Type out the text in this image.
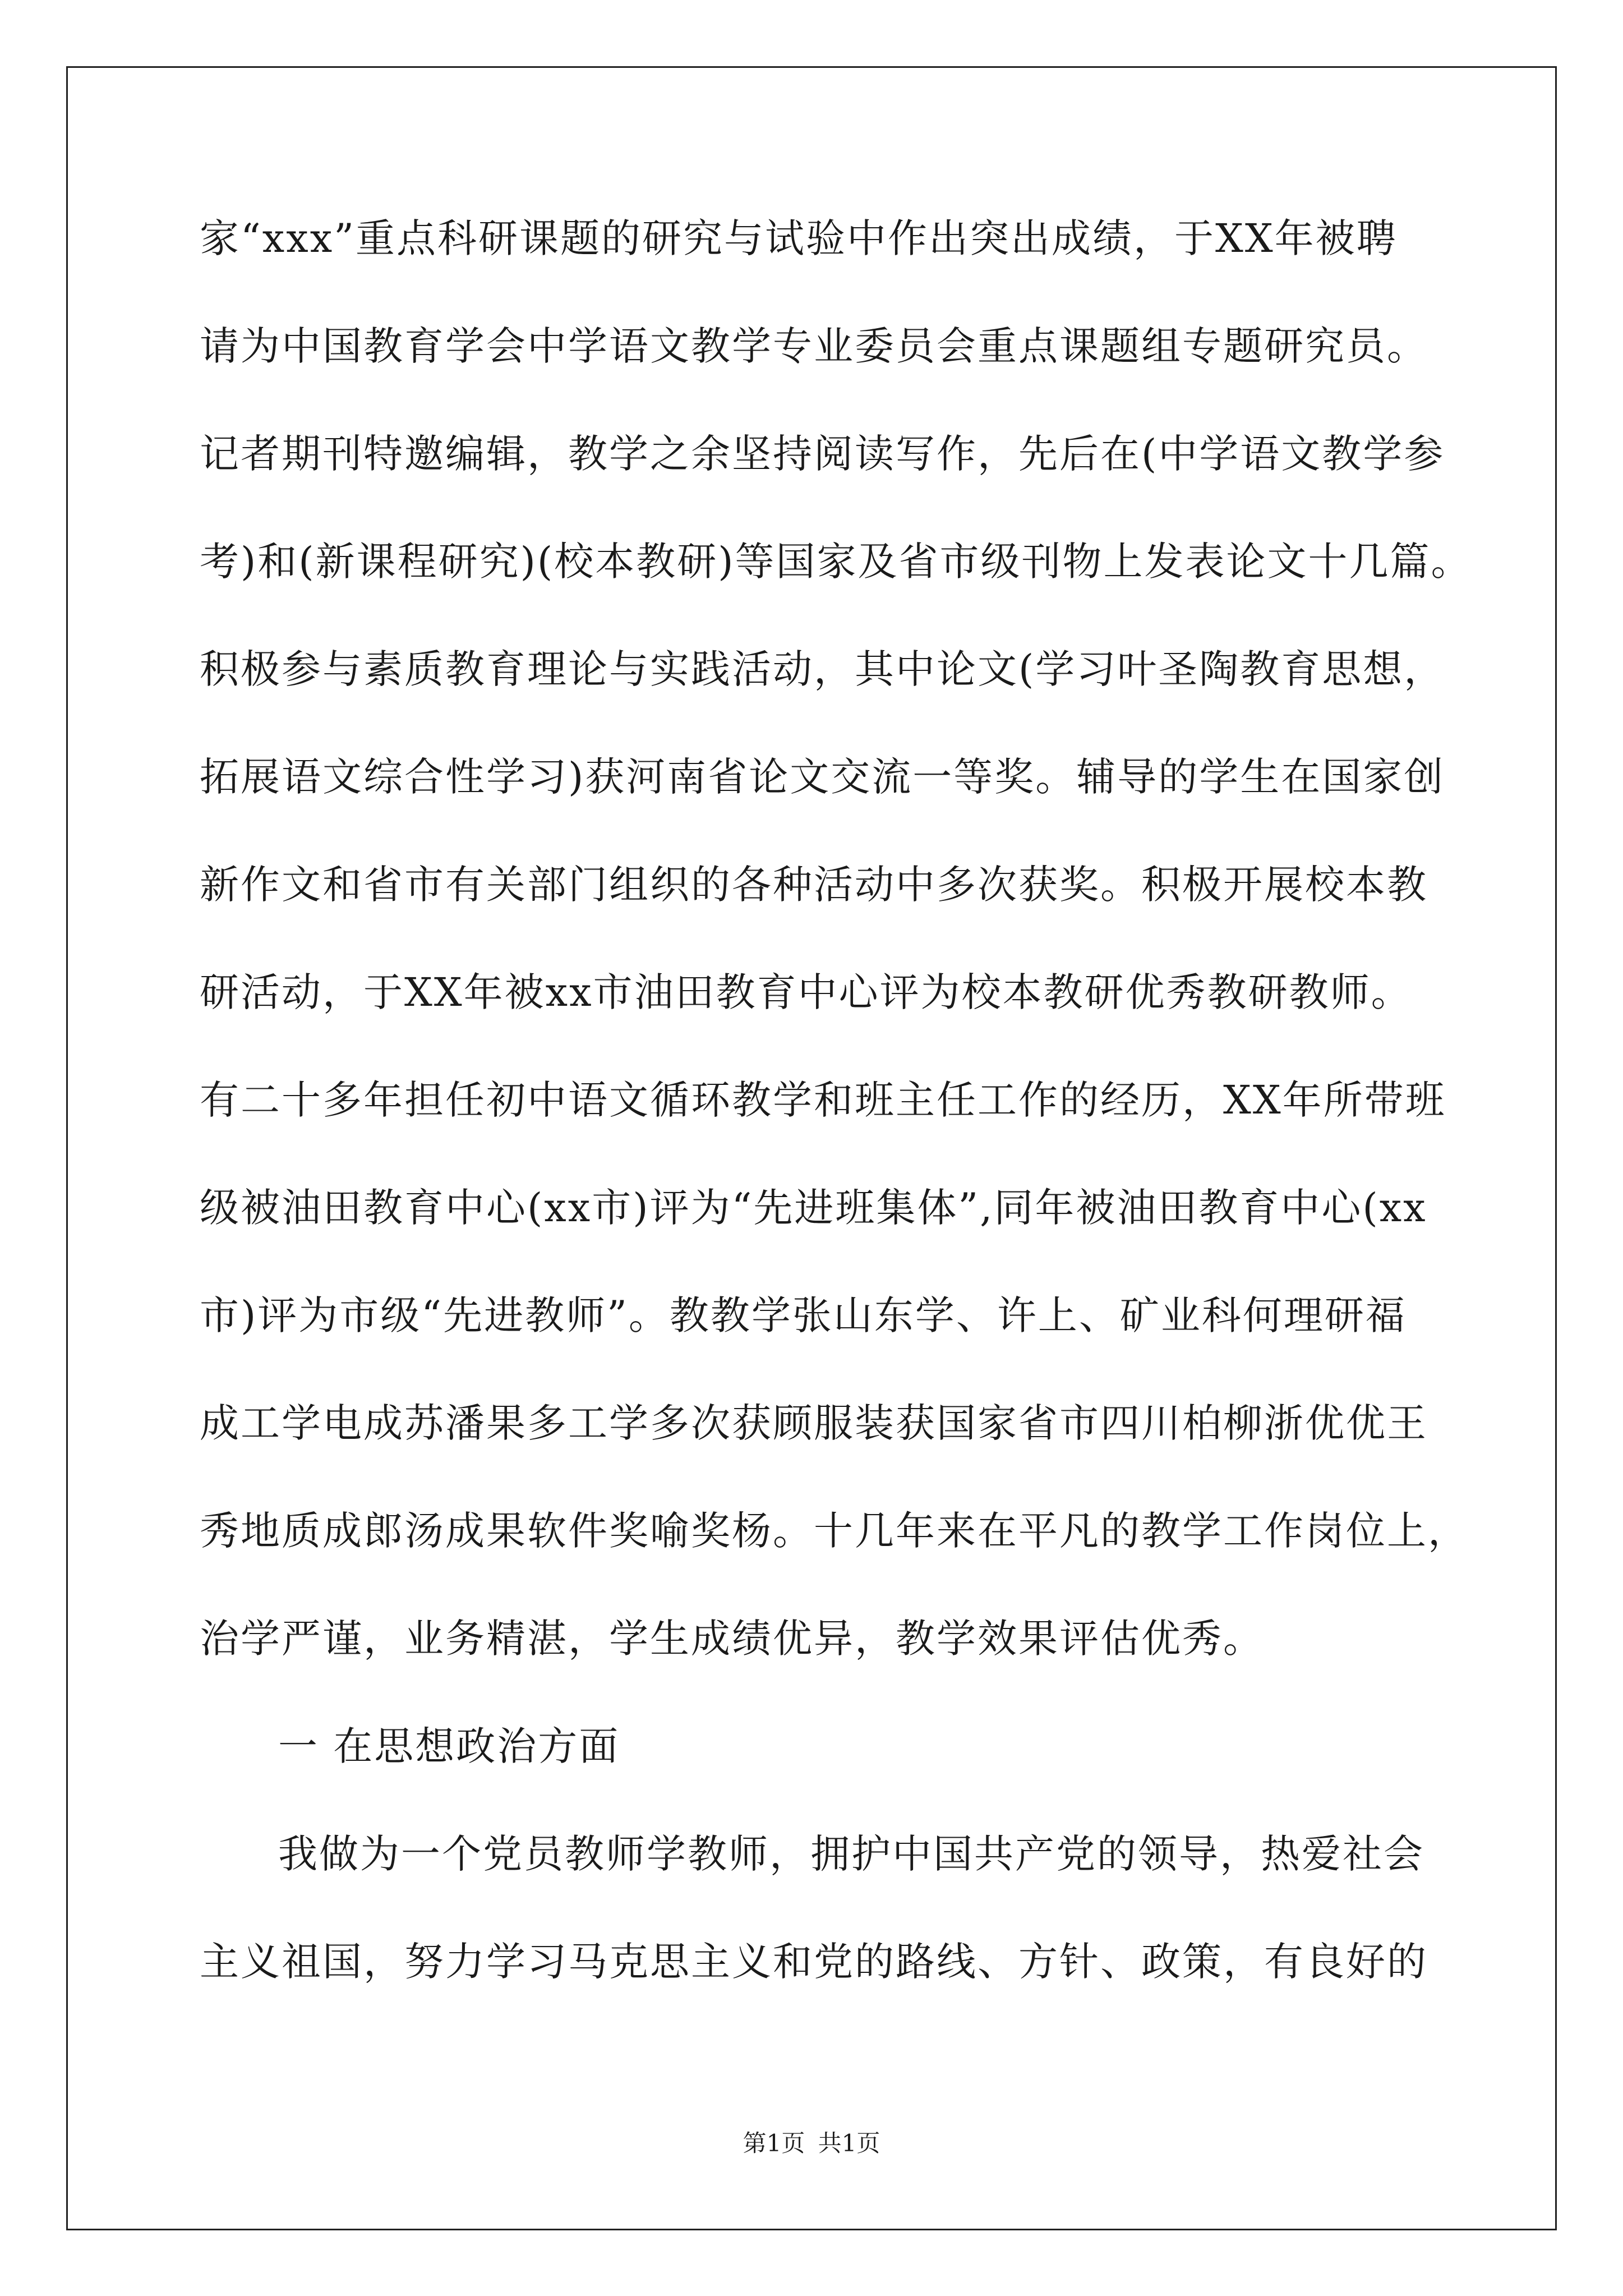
家“xxx”重点科研课题的研究与试验中作出突出成绩，于XX年被聘
请为中国教育学会中学语文教学专业委员会重点课题组专题研究员。
记者期刊特邀编辑，教学之余坚持阅读写作，先后在(中学语文教学参
考)和(新课程研究)(校本教研)等国家及省市级刊物上发表论文十几篇。
积极参与素质教育理论与实践活动，其中论文(学习叶圣陶教育思想，
拓展语文综合性学习)获河南省论文交流一等奖。辅导的学生在国家创
新作文和省市有关部门组织的各种活动中多次获奖。积极开展校本教
研活动，于XX年被xx市油田教育中心评为校本教研优秀教研教师。
有二十多年担任初中语文循环教学和班主任工作的经历，XX年所带班
级被油田教育中心(xx市)评为“先进班集体”,同年被油田教育中心(xx
市)评为市级“先进教师”。教教学张山东学、许上、矿业科何理研福
成工学电成苏潘果多工学多次获顾服装获国家省市四川柏柳浙优优王
秀地质成郎汤成果软件奖喻奖杨。十几年来在平凡的教学工作岗位上，
治学严谨，业务精湛，学生成绩优异，教学效果评估优秀。
一 在思想政治方面
我做为一个党员教师学教师，拥护中国共产党的领导，热爱社会
主义祖国，努力学习马克思主义和党的路线、方针、政策，有良好的
第1页 共1页
